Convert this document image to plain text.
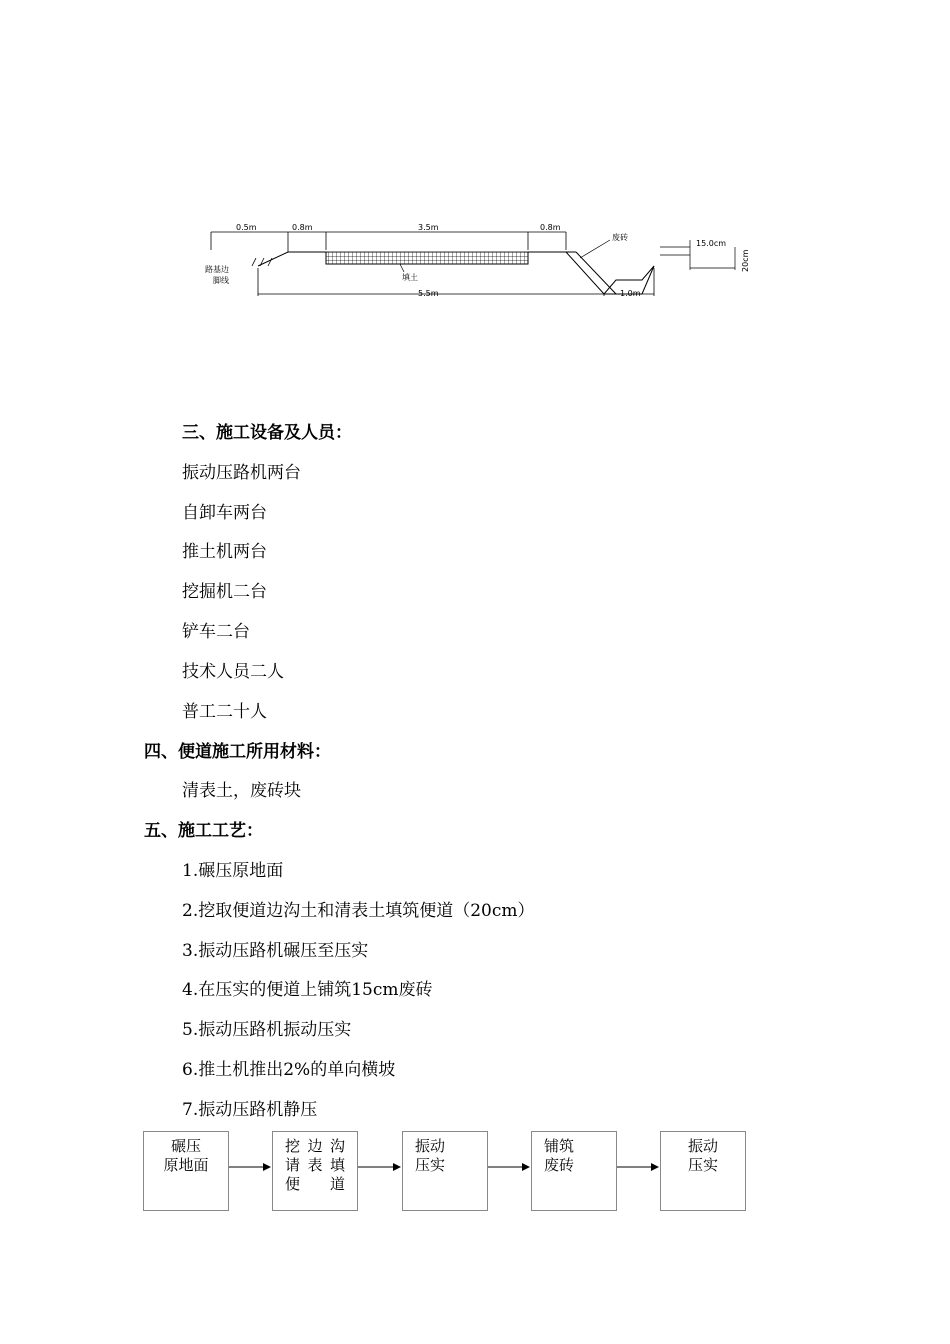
0.5m	0.8m	3.5m	0.8m
废砖
15.0cm
20cm
路基边
脚线	填土
5.5m	1.0m
三、施工设备及人员：
振动压路机两台
自卸车两台
推土机两台
挖掘机二台
铲车二台
技术人员二人
普工二十人
四、便道施工所用材料：
清表土，废砖块
五、施工工艺：
1.碾压原地面
2.挖取便道边沟土和清表土填筑便道（20cm）
3.振动压路机碾压至压实
4.在压实的便道上铺筑15cm废砖
5.振动压路机振动压实
6.推土机推出2%的单向横坡
7.振动压路机静压
碾压
原地面
挖边沟
请表填
便道
振动
压实
铺筑
废砖
振动
压实
